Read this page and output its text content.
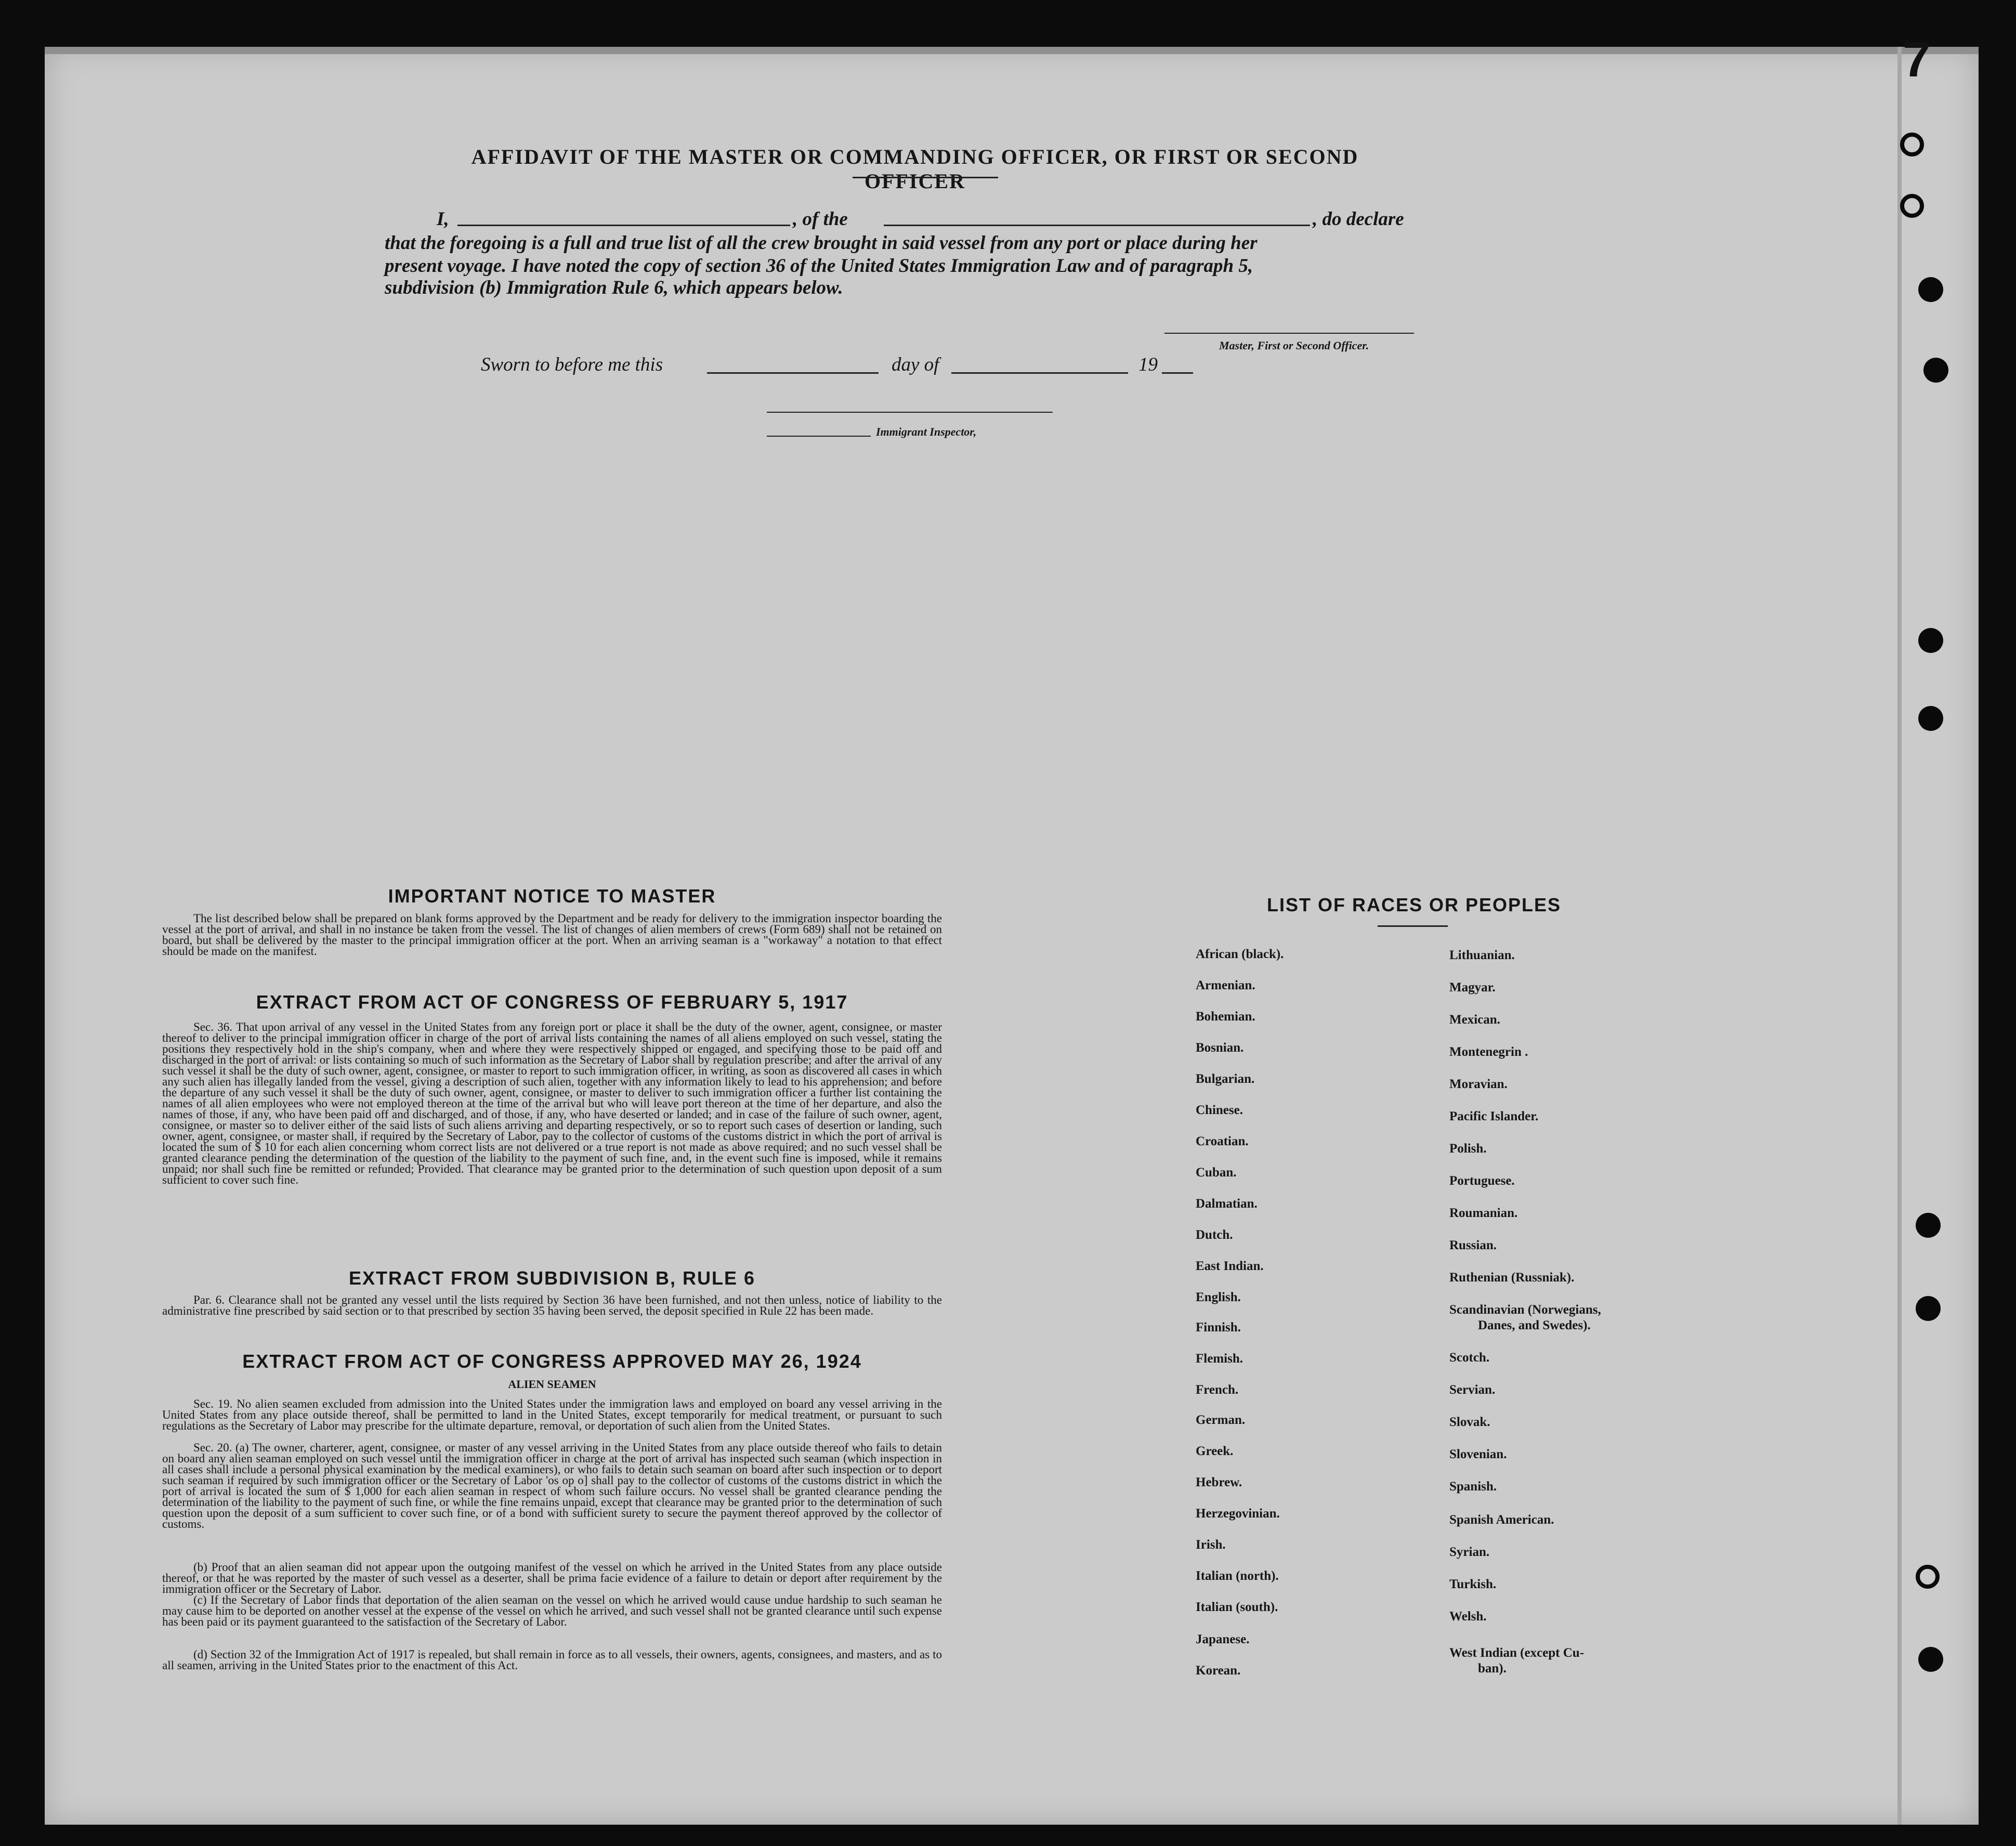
7
AFFIDAVIT OF THE MASTER OR COMMANDING OFFICER, OR FIRST OR SECOND OFFICER
I,	, of the	, do declare
that the foregoing is a full and true list of all the crew brought in said vessel from any port or place during her
present voyage. I have noted the copy of section 36 of the United States Immigration Law and of paragraph 5,
subdivision (b) Immigration Rule 6, which appears below.
Master, First or Second Officer.
Sworn to before me this	day of	19
Immigrant Inspector,
IMPORTANT NOTICE TO MASTER
The list described below shall be prepared on blank forms approved by the Department and be ready for delivery to the immigration inspector boarding the vessel at the port of arrival, and shall in no instance be taken from the vessel. The list of changes of alien members of crews (Form 689) shall not be retained on board, but shall be delivered by the master to the principal immigration officer at the port. When an arriving seaman is a "workaway" a notation to that effect should be made on the manifest.
EXTRACT FROM ACT OF CONGRESS OF FEBRUARY 5, 1917
Sec. 36. That upon arrival of any vessel in the United States from any foreign port or place it shall be the duty of the owner, agent, consignee, or master thereof to deliver to the principal immigration officer in charge of the port of arrival lists containing the names of all aliens employed on such vessel, stating the positions they respectively hold in the ship's company, when and where they were respectively shipped or engaged, and specifying those to be paid off and discharged in the port of arrival: or lists containing so much of such information as the Secretary of Labor shall by regulation prescribe; and after the arrival of any such vessel it shall be the duty of such owner, agent, consignee, or master to report to such immigration officer, in writing, as soon as discovered all cases in which any such alien has illegally landed from the vessel, giving a description of such alien, together with any information likely to lead to his apprehension; and before the departure of any such vessel it shall be the duty of such owner, agent, consignee, or master to deliver to such immigration officer a further list containing the names of all alien employees who were not employed thereon at the time of the arrival but who will leave port thereon at the time of her departure, and also the names of those, if any, who have been paid off and discharged, and of those, if any, who have deserted or landed; and in case of the failure of such owner, agent, consignee, or master so to deliver either of the said lists of such aliens arriving and departing respectively, or so to report such cases of desertion or landing, such owner, agent, consignee, or master shall, if required by the Secretary of Labor, pay to the collector of customs of the customs district in which the port of arrival is located the sum of $ 10 for each alien concerning whom correct lists are not delivered or a true report is not made as above required; and no such vessel shall be granted clearance pending the determination of the question of the liability to the payment of such fine, and, in the event such fine is imposed, while it remains unpaid; nor shall such fine be remitted or refunded; Provided. That clearance may be granted prior to the determination of such question upon deposit of a sum sufficient to cover such fine.
EXTRACT FROM SUBDIVISION B, RULE 6
Par. 6. Clearance shall not be granted any vessel until the lists required by Section 36 have been furnished, and not then unless, notice of liability to the administrative fine prescribed by said section or to that prescribed by section 35 having been served, the deposit specified in Rule 22 has been made.
EXTRACT FROM ACT OF CONGRESS APPROVED MAY 26, 1924
ALIEN SEAMEN
Sec. 19. No alien seamen excluded from admission into the United States under the immigration laws and employed on board any vessel arriving in the United States from any place outside thereof, shall be permitted to land in the United States, except temporarily for medical treatment, or pursuant to such regulations as the Secretary of Labor may prescribe for the ultimate departure, removal, or deportation of such alien from the United States.
Sec. 20. (a) The owner, charterer, agent, consignee, or master of any vessel arriving in the United States from any place outside thereof who fails to detain on board any alien seaman employed on such vessel until the immigration officer in charge at the port of arrival has inspected such seaman (which inspection in all cases shall include a personal physical examination by the medical examiners), or who fails to detain such seaman on board after such inspection or to deport such seaman if required by such immigration officer or the Secretary of Labor 'os op o] shall pay to the collector of customs of the customs district in which the port of arrival is located the sum of $ 1,000 for each alien seaman in respect of whom such failure occurs. No vessel shall be granted clearance pending the determination of the liability to the payment of such fine, or while the fine remains unpaid, except that clearance may be granted prior to the determination of such question upon the deposit of a sum sufficient to cover such fine, or of a bond with sufficient surety to secure the payment thereof approved by the collector of customs.
(b) Proof that an alien seaman did not appear upon the outgoing manifest of the vessel on which he arrived in the United States from any place outside thereof, or that he was reported by the master of such vessel as a deserter, shall be prima facie evidence of a failure to detain or deport after requirement by the immigration officer or the Secretary of Labor.
(c) If the Secretary of Labor finds that deportation of the alien seaman on the vessel on which he arrived would cause undue hardship to such seaman he may cause him to be deported on another vessel at the expense of the vessel on which he arrived, and such vessel shall not be granted clearance until such expense has been paid or its payment guaranteed to the satisfaction of the Secretary of Labor.
(d) Section 32 of the Immigration Act of 1917 is repealed, but shall remain in force as to all vessels, their owners, agents, consignees, and masters, and as to all seamen, arriving in the United States prior to the enactment of this Act.
LIST OF RACES OR PEOPLES
African (black).
Armenian.
Bohemian.
Bosnian.
Bulgarian.
Chinese.
Croatian.
Cuban.
Dalmatian.
Dutch.
East Indian.
English.
Finnish.
Flemish.
French.
German.
Greek.
Hebrew.
Herzegovinian.
Irish.
Italian (north).
Italian (south).
Japanese.
Korean.
Lithuanian.
Magyar.
Mexican.
Montenegrin .
Moravian.
Pacific Islander.
Polish.
Portuguese.
Roumanian.
Russian.
Ruthenian (Russniak).
Scandinavian (Norwegians,
Danes, and Swedes).
Scotch.
Servian.
Slovak.
Slovenian.
Spanish.
Spanish American.
Syrian.
Turkish.
Welsh.
West Indian (except Cu-
ban).
